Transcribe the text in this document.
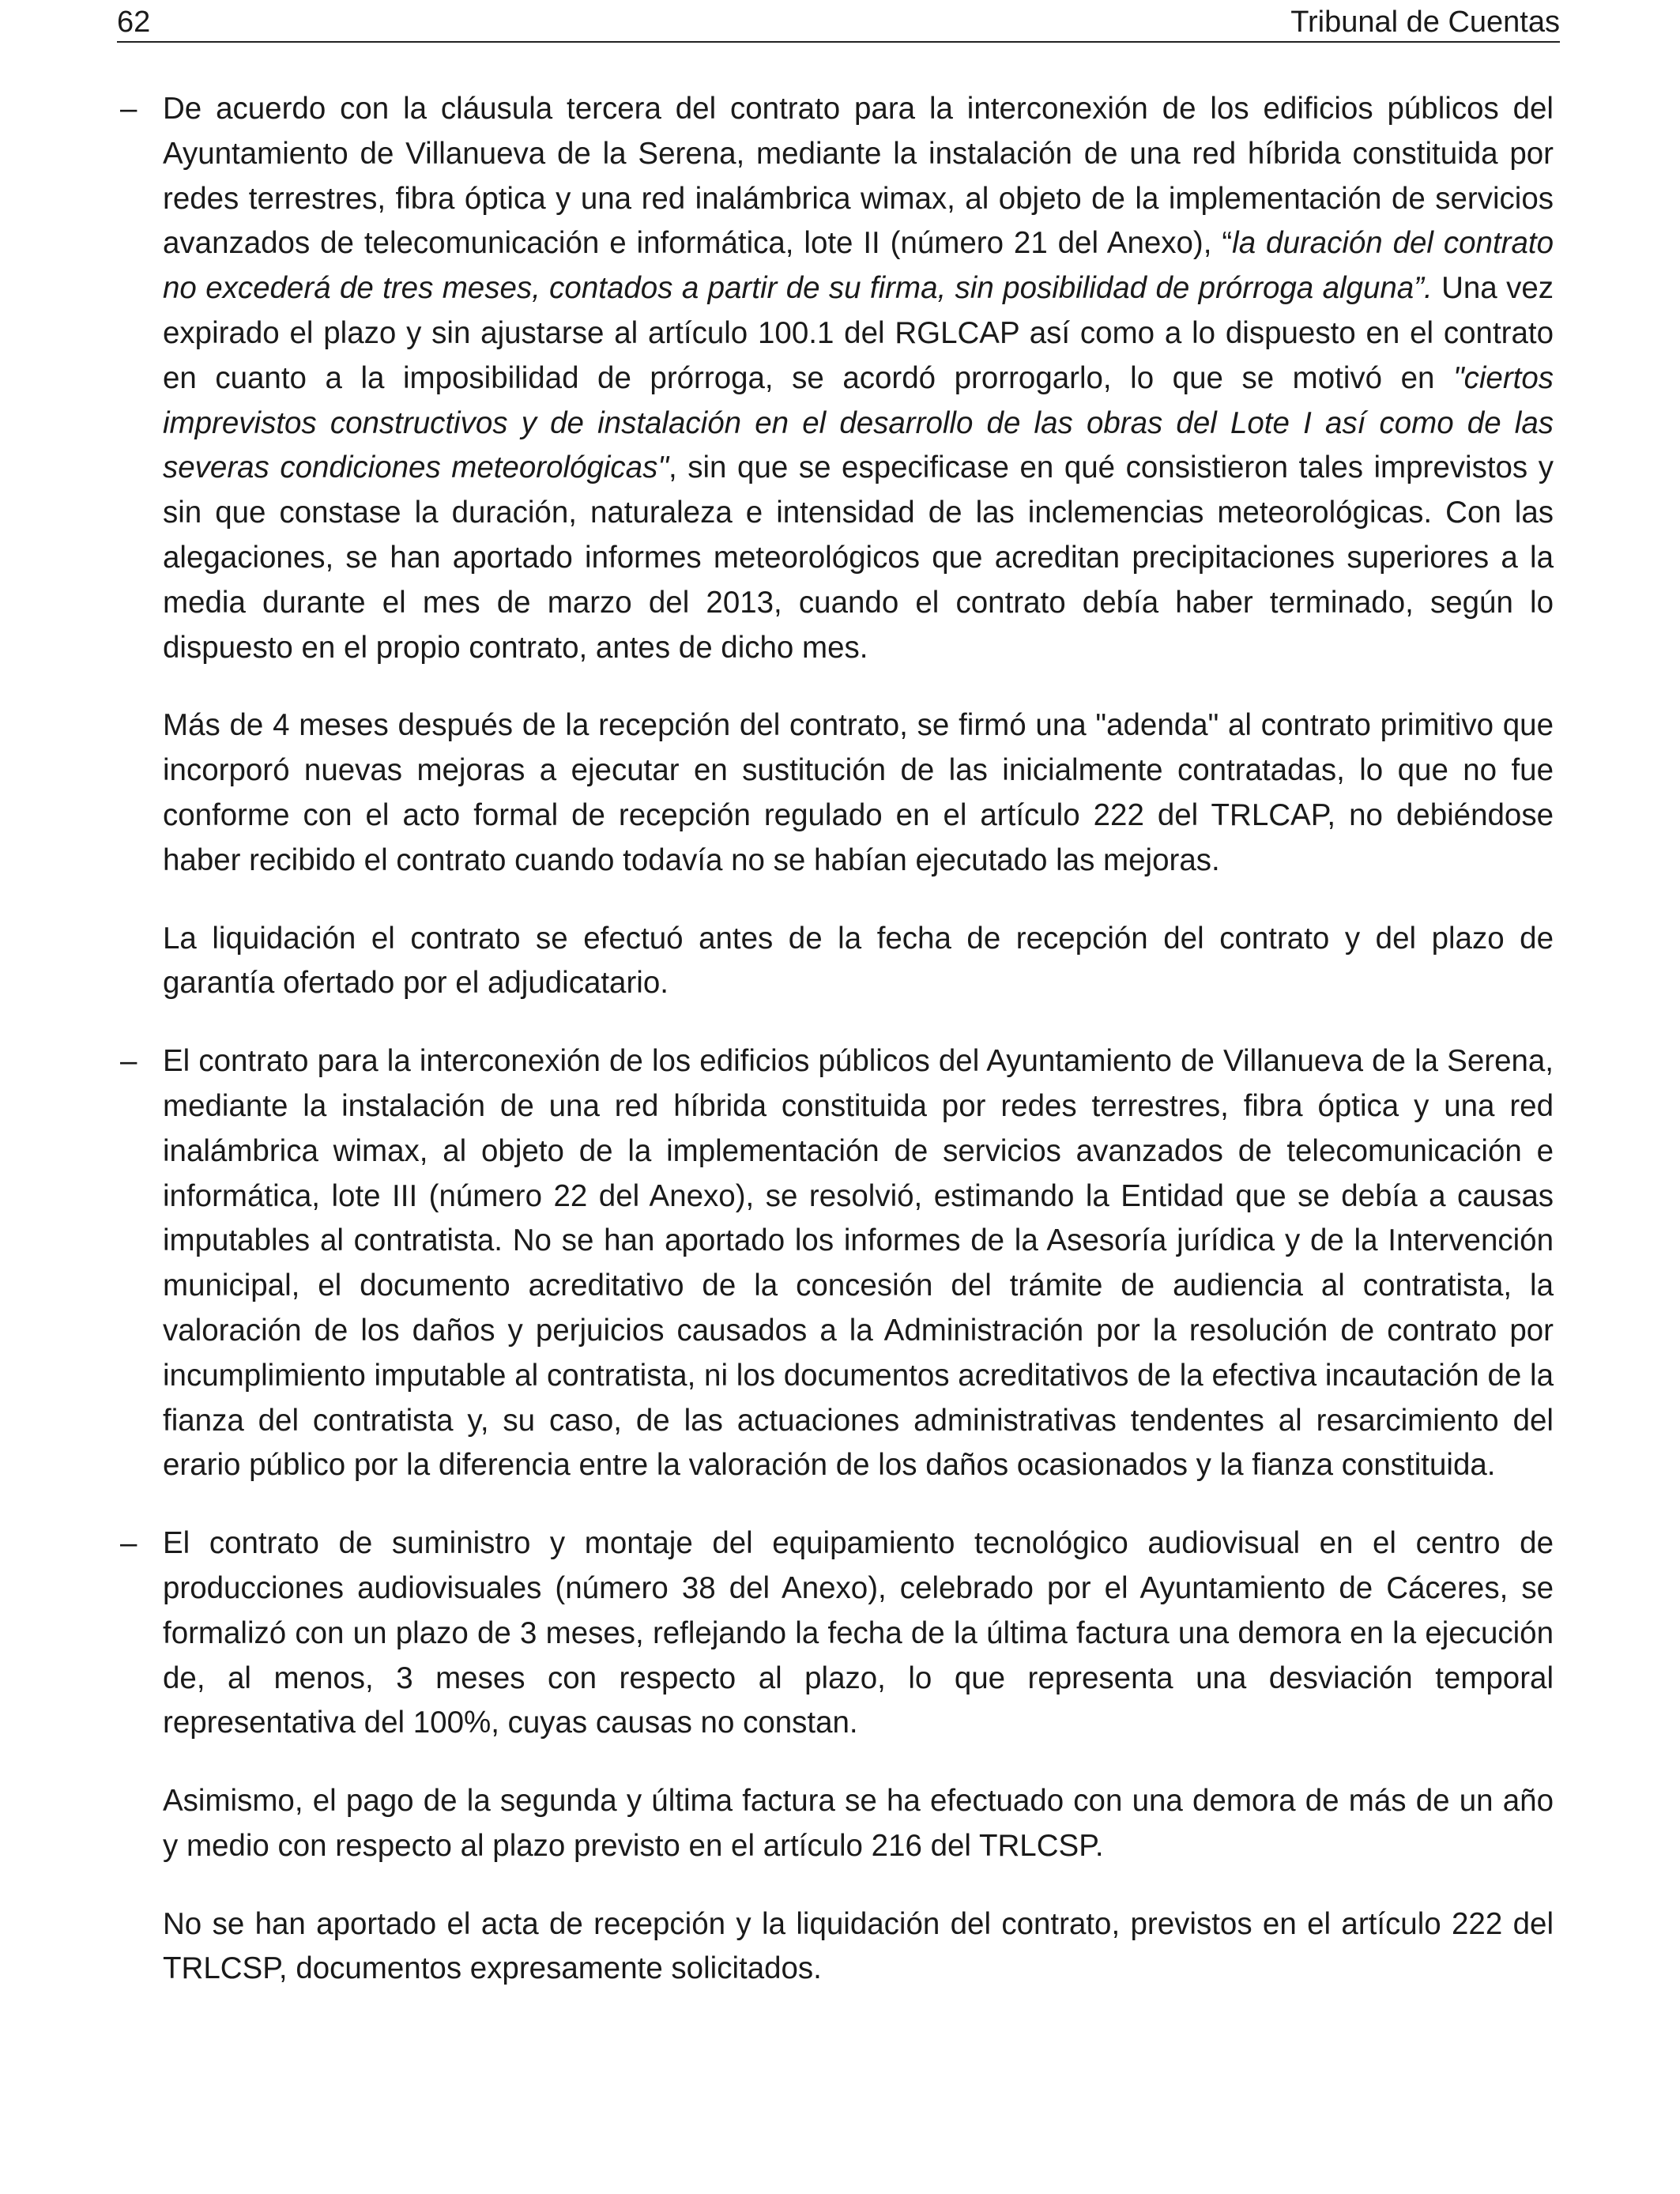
62	Tribunal de Cuentas

– De acuerdo con la cláusula tercera del contrato para la interconexión de los edificios públicos del Ayuntamiento de Villanueva de la Serena, mediante la instalación de una red híbrida constituida por redes terrestres, fibra óptica y una red inalámbrica wimax, al objeto de la implementación de servicios avanzados de telecomunicación e informática, lote II (número 21 del Anexo), “la duración del contrato no excederá de tres meses, contados a partir de su firma, sin posibilidad de prórroga alguna”. Una vez expirado el plazo y sin ajustarse al artículo 100.1 del RGLCAP así como a lo dispuesto en el contrato en cuanto a la imposibilidad de prórroga, se acordó prorrogarlo, lo que se motivó en "ciertos imprevistos constructivos y de instalación en el desarrollo de las obras del Lote I así como de las severas condiciones meteorológicas", sin que se especificase en qué consistieron tales imprevistos y sin que constase la duración, naturaleza e intensidad de las inclemencias meteorológicas. Con las alegaciones, se han aportado informes meteorológicos que acreditan precipitaciones superiores a la media durante el mes de marzo del 2013, cuando el contrato debía haber terminado, según lo dispuesto en el propio contrato, antes de dicho mes.

Más de 4 meses después de la recepción del contrato, se firmó una "adenda" al contrato primitivo que incorporó nuevas mejoras a ejecutar en sustitución de las inicialmente contratadas, lo que no fue conforme con el acto formal de recepción regulado en el artículo 222 del TRLCAP, no debiéndose haber recibido el contrato cuando todavía no se habían ejecutado las mejoras.

La liquidación el contrato se efectuó antes de la fecha de recepción del contrato y del plazo de garantía ofertado por el adjudicatario.

– El contrato para la interconexión de los edificios públicos del Ayuntamiento de Villanueva de la Serena, mediante la instalación de una red híbrida constituida por redes terrestres, fibra óptica y una red inalámbrica wimax, al objeto de la implementación de servicios avanzados de telecomunicación e informática, lote III (número 22 del Anexo), se resolvió, estimando la Entidad que se debía a causas imputables al contratista. No se han aportado los informes de la Asesoría jurídica y de la Intervención municipal, el documento acreditativo de la concesión del trámite de audiencia al contratista, la valoración de los daños y perjuicios causados a la Administración por la resolución de contrato por incumplimiento imputable al contratista, ni los documentos acreditativos de la efectiva incautación de la fianza del contratista y, su caso, de las actuaciones administrativas tendentes al resarcimiento del erario público por la diferencia entre la valoración de los daños ocasionados y la fianza constituida.

– El contrato de suministro y montaje del equipamiento tecnológico audiovisual en el centro de producciones audiovisuales (número 38 del Anexo), celebrado por el Ayuntamiento de Cáceres, se formalizó con un plazo de 3 meses, reflejando la fecha de la última factura una demora en la ejecución de, al menos, 3 meses con respecto al plazo, lo que representa una desviación temporal representativa del 100%, cuyas causas no constan.

Asimismo, el pago de la segunda y última factura se ha efectuado con una demora de más de un año y medio con respecto al plazo previsto en el artículo 216 del TRLCSP.

No se han aportado el acta de recepción y la liquidación del contrato, previstos en el artículo 222 del TRLCSP, documentos expresamente solicitados.
